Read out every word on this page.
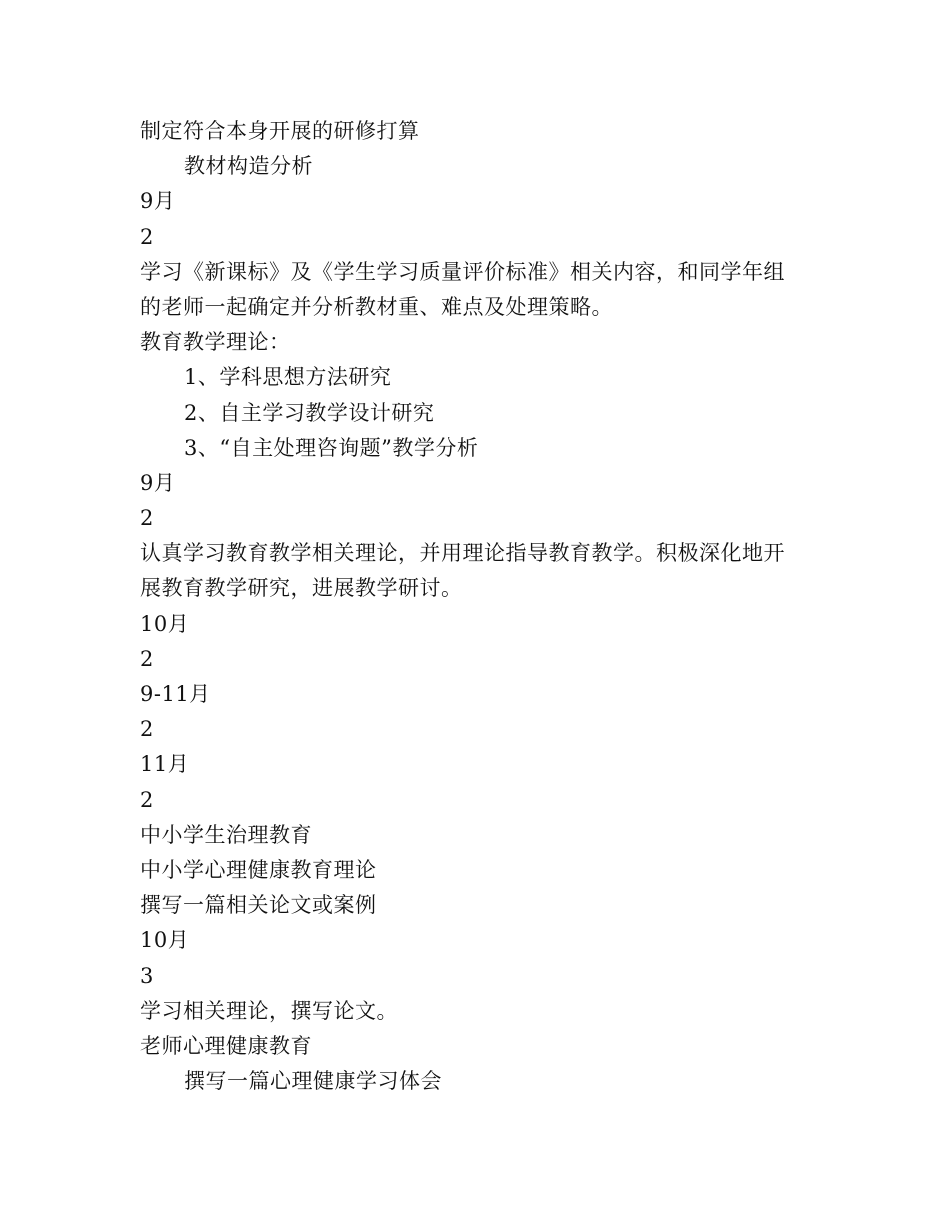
制定符合本身开展的研修打算
教材构造分析
9月
2
学习《新课标》及《学生学习质量评价标准》相关内容，和同学年组
的老师一起确定并分析教材重、难点及处理策略。
教育教学理论：
1、学科思想方法研究
2、自主学习教学设计研究
3、“自主处理咨询题”教学分析
9月
2
认真学习教育教学相关理论，并用理论指导教育教学。积极深化地开
展教育教学研究，进展教学研讨。
10月
2
9-11月
2
11月
2
中小学生治理教育
中小学心理健康教育理论
撰写一篇相关论文或案例
10月
3
学习相关理论，撰写论文。
老师心理健康教育
撰写一篇心理健康学习体会
